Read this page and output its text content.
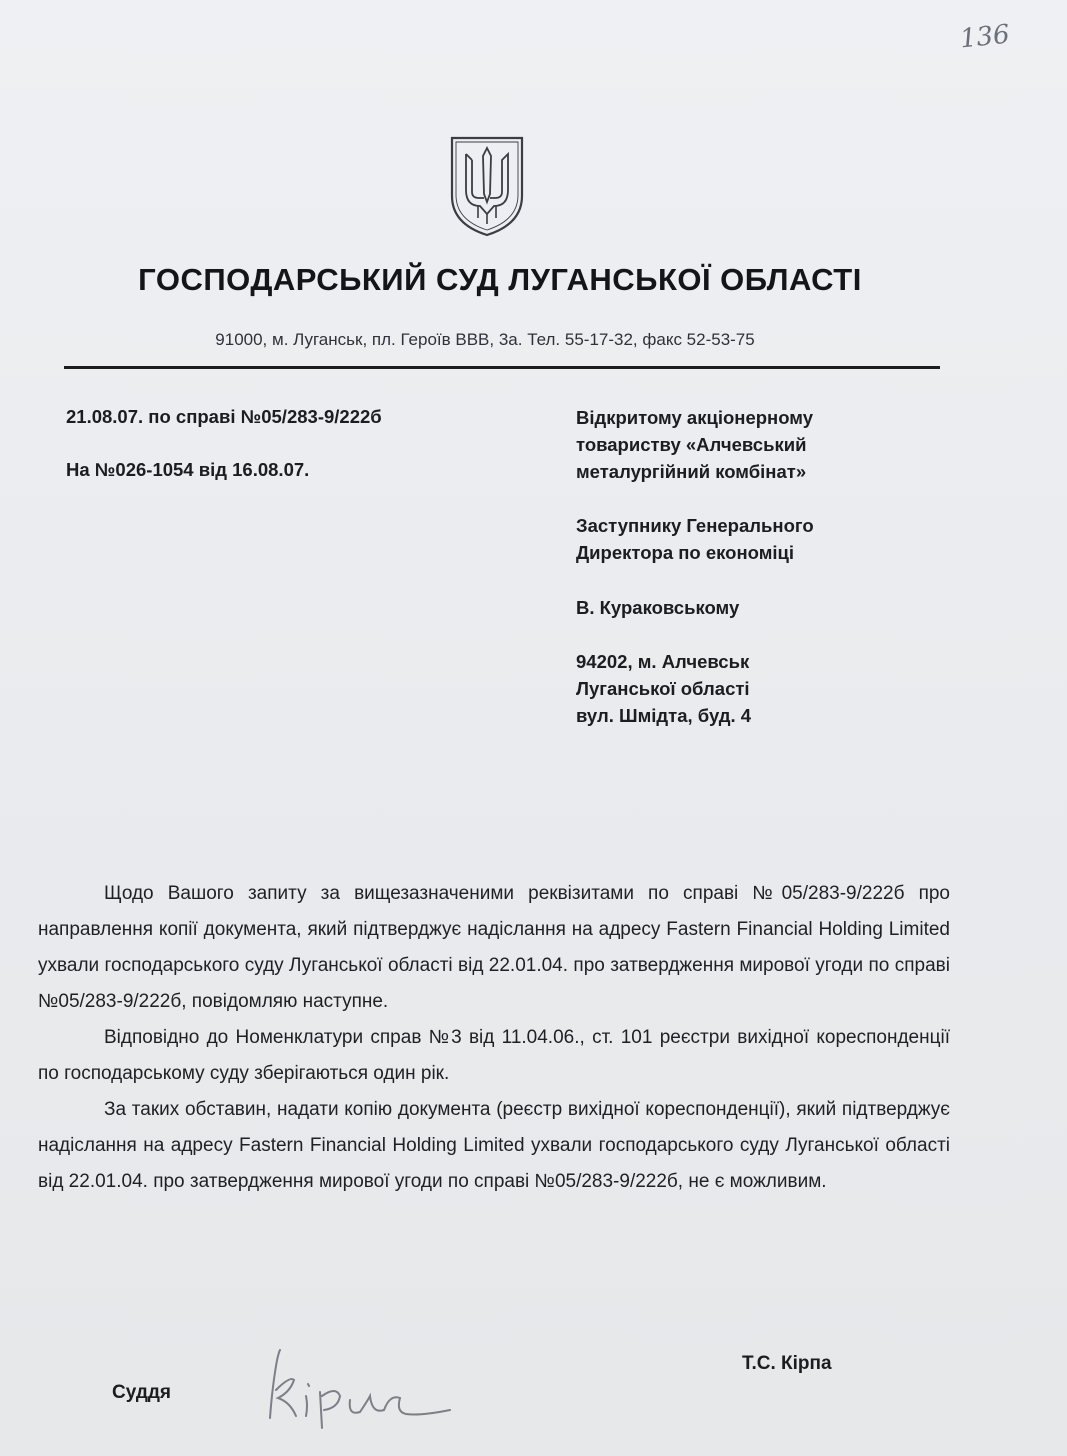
136
ГОСПОДАРСЬКИЙ СУД ЛУГАНСЬКОЇ ОБЛАСТІ
91000, м. Луганськ, пл. Героїв ВВВ, 3а. Тел. 55-17-32, факс 52-53-75
21.08.07. по справі №05/283-9/222б
На №026-1054 від 16.08.07.
Відкритому акціонерному
товариству «Алчевський
металургійний комбінат»
Заступнику Генерального
Директора по економіці
В. Кураковському
94202, м. Алчевськ
Луганської області
вул. Шмідта, буд. 4

Щодо Вашого запиту за вищезазначеними реквізитами по справі №05/283-9/222б про направлення копії документа, який підтверджує надіслання на адресу Fastern Financial Holding Limited ухвали господарського суду Луганської області від 22.01.04. про затвердження мирової угоди по справі №05/283-9/222б, повідомляю наступне.

Відповідно до Номенклатури справ №3 від 11.04.06., ст. 101 реєстри вихідної кореспонденції по господарському суду зберігаються один рік.

За таких обставин, надати копію документа (реєстр вихідної кореспонденції), який підтверджує надіслання на адресу Fastern Financial Holding Limited ухвали господарського суду Луганської області від 22.01.04. про затвердження мирової угоди по справі №05/283-9/222б, не є можливим.

Суддя
Т.С. Кірпа
